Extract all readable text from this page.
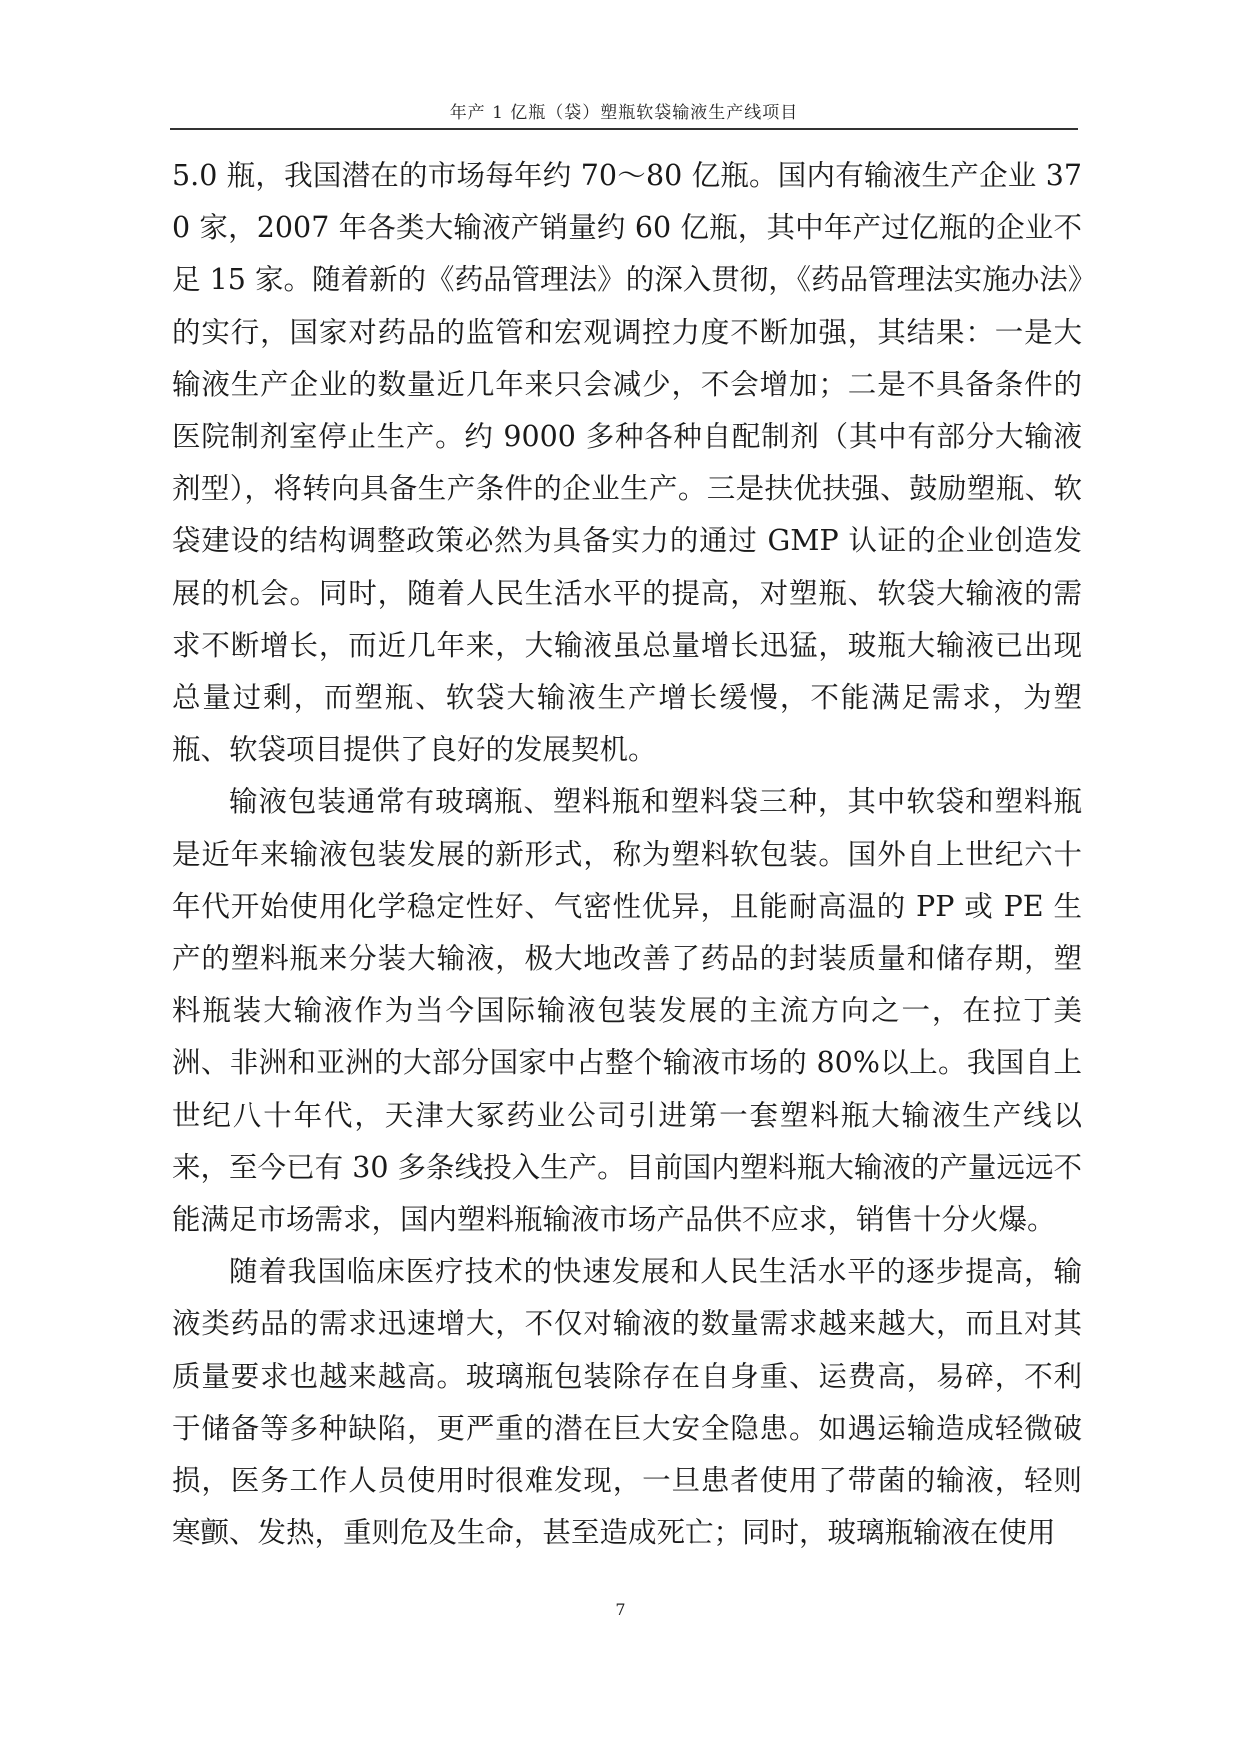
年产 1 亿瓶（袋）塑瓶软袋输液生产线项目

5.0 瓶，我国潜在的市场每年约 70～80 亿瓶。国内有输液生产企业 370 家，2007 年各类大输液产销量约 60 亿瓶，其中年产过亿瓶的企业不足 15 家。随着新的《药品管理法》的深入贯彻，《药品管理法实施办法》的实行，国家对药品的监管和宏观调控力度不断加强，其结果：一是大输液生产企业的数量近几年来只会减少，不会增加；二是不具备条件的医院制剂室停止生产。约 9000 多种各种自配制剂（其中有部分大输液剂型），将转向具备生产条件的企业生产。三是扶优扶强、鼓励塑瓶、软袋建设的结构调整政策必然为具备实力的通过 GMP 认证的企业创造发展的机会。同时，随着人民生活水平的提高，对塑瓶、软袋大输液的需求不断增长，而近几年来，大输液虽总量增长迅猛，玻瓶大输液已出现总量过剩，而塑瓶、软袋大输液生产增长缓慢，不能满足需求，为塑瓶、软袋项目提供了良好的发展契机。

输液包装通常有玻璃瓶、塑料瓶和塑料袋三种，其中软袋和塑料瓶是近年来输液包装发展的新形式，称为塑料软包装。国外自上世纪六十年代开始使用化学稳定性好、气密性优异，且能耐高温的 PP 或 PE 生产的塑料瓶来分装大输液，极大地改善了药品的封装质量和储存期，塑料瓶装大输液作为当今国际输液包装发展的主流方向之一，在拉丁美洲、非洲和亚洲的大部分国家中占整个输液市场的 80%以上。我国自上世纪八十年代，天津大冢药业公司引进第一套塑料瓶大输液生产线以来，至今已有 30 多条线投入生产。目前国内塑料瓶大输液的产量远远不能满足市场需求，国内塑料瓶输液市场产品供不应求，销售十分火爆。

随着我国临床医疗技术的快速发展和人民生活水平的逐步提高，输液类药品的需求迅速增大，不仅对输液的数量需求越来越大，而且对其质量要求也越来越高。玻璃瓶包装除存在自身重、运费高，易碎，不利于储备等多种缺陷，更严重的潜在巨大安全隐患。如遇运输造成轻微破损，医务工作人员使用时很难发现，一旦患者使用了带菌的输液，轻则寒颤、发热，重则危及生命，甚至造成死亡；同时，玻璃瓶输液在使用

7
